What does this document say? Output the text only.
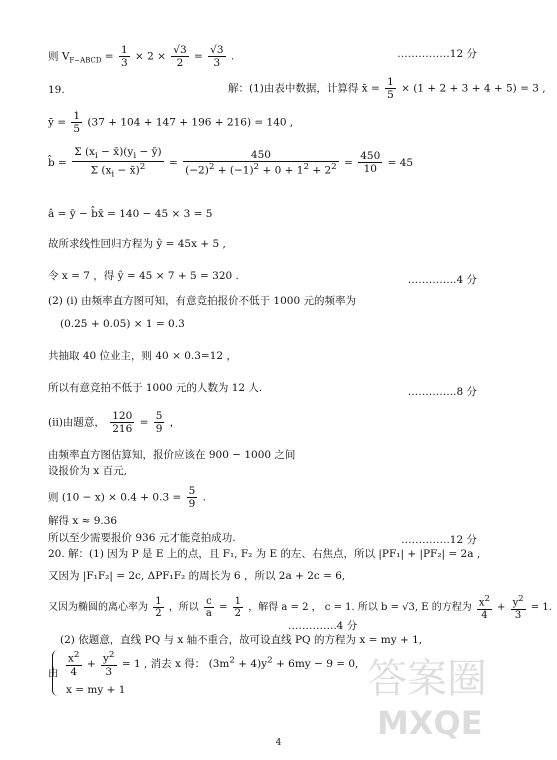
则 $V_{F-ABCD} = \frac{1}{3} \times 2 \times \frac{√3}{2} = \frac{√3}{3}$ .	……………12 分
19.	解：(1)由表中数据，计算得 x̄ = $\frac{1}{5} \times (1 + 2 + 3 + 4 + 5) = 3$ ,
ȳ = $\frac{1}{5} (37 + 104 + 147 + 196 + 216) = 140$ ,
b̂ = $\frac{\Sigma (x_i - x̄)(y_i - ȳ)}{\Sigma (x_i - x̄)^2} = \frac{450}{(-2)^2 + (-1)^2 + 0 + 1^2 + 2^2} = \frac{450}{10} = 45$
â = ȳ − b̂x̄ = 140 − 45 × 3 = 5
故所求线性回归方程为 ŷ = 45x + 5 ,
令 x = 7 ，得 ŷ = 45 × 7 + 5 = 320 .	…………..4 分
(2) (i) 由频率直方图可知，有意竞拍报价不低于 1000 元的频率为
(0.25 + 0.05) × 1 = 0.3
共抽取 40 位业主，则 40 × 0.3=12 ，
所以有意竞拍不低于 1000 元的人数为 12 人.	…………..8 分
(ii)由题意， $\frac{120}{216} = \frac{5}{9}$ ，
由频率直方图估算知，报价应该在 900 − 1000 之间
设报价为 x 百元,
则 $(10 - x) \times 0.4 + 0.3 = \frac{5}{9}$ .
解得 x ≈ 9.36
所以至少需要报价 936 元才能竞拍成功.	…………..12 分
20. 解：(1) 因为 P 是 E 上的点，且 F₁, F₂ 为 E 的左、右焦点，所以 |PF₁| + |PF₂| = 2a ,
又因为 |F₁F₂| = 2c, ΔPF₁F₂ 的周长为 6 ，所以 2a + 2c = 6,
又因为椭圆的离心率为 $\frac{1}{2}$ ，所以 $\frac{c}{a} = \frac{1}{2}$ ，解得 a = 2 ， c = 1. 所以 b = √3, E 的方程为 $\frac{x^2}{4} + \frac{y^2}{3} = 1$.
…………..4 分
(2) 依题意，直线 PQ 与 x 轴不重合，故可设直线 PQ 的方程为 x = my + 1,
由 $\frac{x^2}{4} + \frac{y^2}{3} = 1$ , 消去 x 得： $(3m^2 + 4)y^2 + 6my - 9 = 0$,
x = my + 1	答案圈
MXQE
4
